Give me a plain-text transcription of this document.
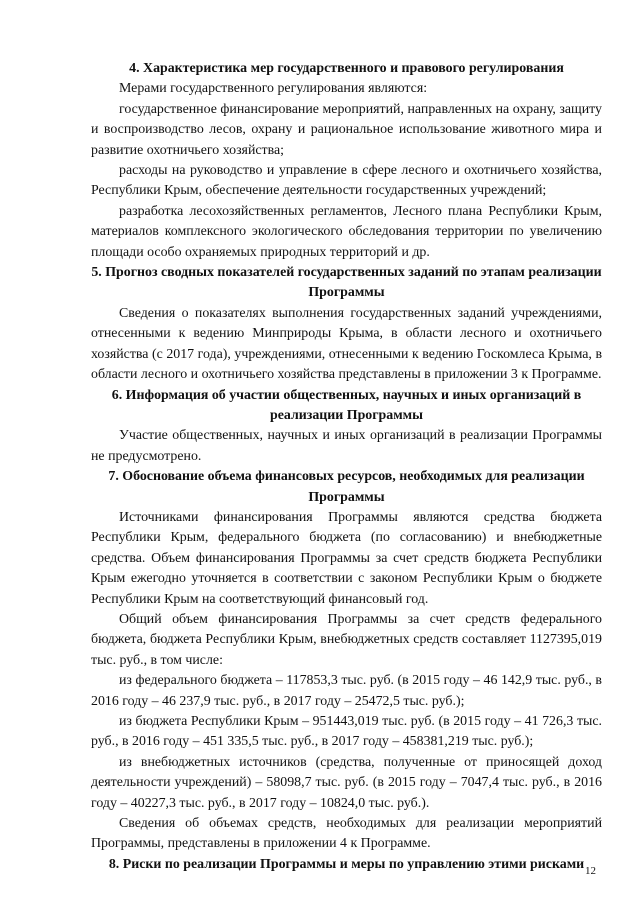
4. Характеристика мер государственного и правового регулирования

Мерами государственного регулирования являются:

государственное финансирование мероприятий, направленных на охрану, защиту и воспроизводство лесов, охрану и рациональное использование животного мира и развитие охотничьего хозяйства;

расходы на руководство и управление в сфере лесного и охотничьего хозяйства, Республики Крым, обеспечение деятельности государственных учреждений;

разработка лесохозяйственных регламентов, Лесного плана Республики Крым, материалов комплексного экологического обследования территории по увеличению площади особо охраняемых природных территорий и др.

5. Прогноз сводных показателей государственных заданий по этапам реализации Программы

Сведения о показателях выполнения государственных заданий учреждениями, отнесенными к ведению Минприроды Крыма, в области лесного и охотничьего хозяйства (с 2017 года), учреждениями, отнесенными к ведению Госкомлеса Крыма, в области лесного и охотничьего хозяйства представлены в приложении 3 к Программе.

6. Информация об участии общественных, научных и иных организаций в реализации Программы

Участие общественных, научных и иных организаций в реализации Программы не предусмотрено.

7. Обоснование объема финансовых ресурсов, необходимых для реализации Программы

Источниками финансирования Программы являются средства бюджета Республики Крым, федерального бюджета (по согласованию) и внебюджетные средства. Объем финансирования Программы за счет средств бюджета Республики Крым ежегодно уточняется в соответствии с законом Республики Крым о бюджете Республики Крым на соответствующий финансовый год.

Общий объем финансирования Программы за счет средств федерального бюджета, бюджета Республики Крым, внебюджетных средств составляет 1127395,019 тыс. руб., в том числе:

из федерального бюджета – 117853,3 тыс. руб. (в 2015 году – 46 142,9 тыс. руб., в 2016 году – 46 237,9 тыс. руб., в 2017 году – 25472,5 тыс. руб.);

из бюджета Республики Крым – 951443,019 тыс. руб. (в 2015 году – 41 726,3 тыс. руб., в 2016 году – 451 335,5 тыс. руб., в 2017 году – 458381,219 тыс. руб.);

из внебюджетных источников (средства, полученные от приносящей доход деятельности учреждений) – 58098,7 тыс. руб. (в 2015 году – 7047,4 тыс. руб., в 2016 году – 40227,3 тыс. руб., в 2017 году – 10824,0 тыс. руб.).

Сведения об объемах средств, необходимых для реализации мероприятий Программы, представлены в приложении 4 к Программе.

8. Риски по реализации Программы и меры по управлению этими рисками 12
